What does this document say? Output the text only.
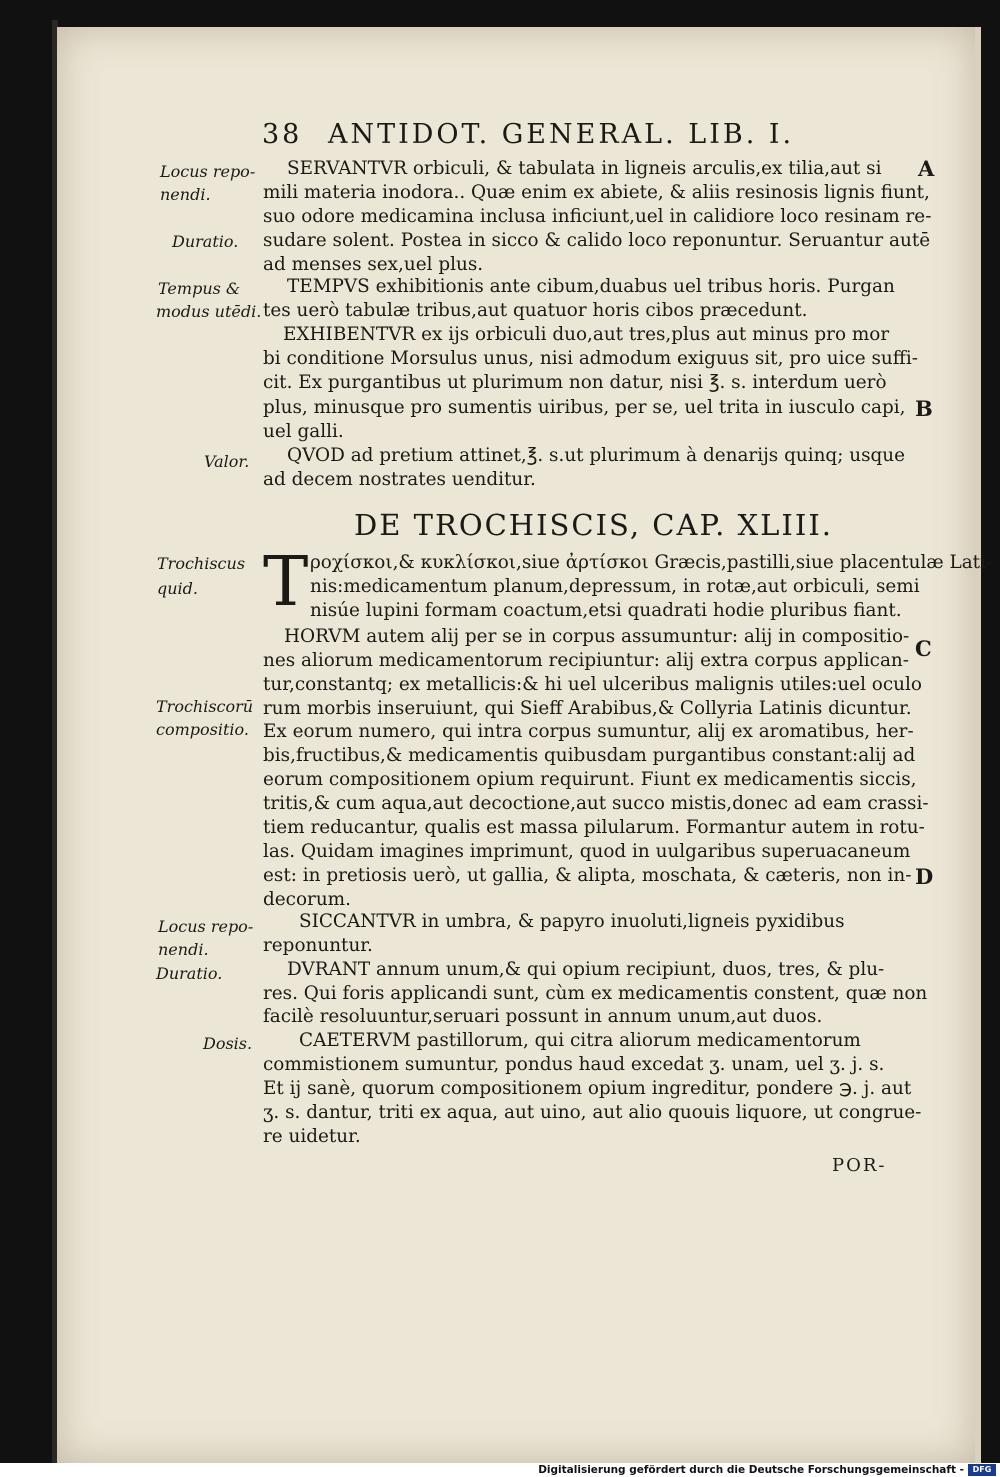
38 ANTIDOT. GENERAL. LIB. I.
Locus repo-
nendi.
Duratio.
Tempus &
modus utēdi.
Valor.
Trochiscus
quid.
Trochiscorū
compositio.
Locus repo-
nendi.
Duratio.
Dosis.
A
B
C
D
SERVANTVR orbiculi, & tabulata in ligneis arculis,ex tilia,aut si
mili materia inodora.. Quæ enim ex abiete, & aliis resinosis lignis fiunt,
suo odore medicamina inclusa inficiunt,uel in calidiore loco resinam re-
sudare solent. Postea in sicco & calido loco reponuntur. Seruantur autē
ad menses sex,uel plus.
TEMPVS exhibitionis ante cibum,duabus uel tribus horis. Purgan
tes uerò tabulæ tribus,aut quatuor horis cibos præcedunt.
EXHIBENTVR ex ijs orbiculi duo,aut tres,plus aut minus pro mor
bi conditione Morsulus unus, nisi admodum exiguus sit, pro uice suffi-
cit. Ex purgantibus ut plurimum non datur, nisi ℥. s. interdum uerò
plus, minusque pro sumentis uiribus, per se, uel trita in iusculo capi,
uel galli.
QVOD ad pretium attinet,℥. s.ut plurimum à denarijs quinq; usque
ad decem nostrates uenditur.
DE TROCHISCIS, CAP. XLIII.
T ροχίσκοι,& κυκλίσκοι,siue ἀρτίσκοι Græcis,pastilli,siue placentulæ Lati-
nis:medicamentum planum,depressum, in rotæ,aut orbiculi, semi
nisúe lupini formam coactum,etsi quadrati hodie pluribus fiant.
HORVM autem alij per se in corpus assumuntur: alij in compositio-
nes aliorum medicamentorum recipiuntur: alij extra corpus applican-
tur,constantq; ex metallicis:& hi uel ulceribus malignis utiles:uel oculo
rum morbis inseruiunt, qui Sieff Arabibus,& Collyria Latinis dicuntur.
Ex eorum numero, qui intra corpus sumuntur, alij ex aromatibus, her-
bis,fructibus,& medicamentis quibusdam purgantibus constant:alij ad
eorum compositionem opium requirunt. Fiunt ex medicamentis siccis,
tritis,& cum aqua,aut decoctione,aut succo mistis,donec ad eam crassi-
tiem reducantur, qualis est massa pilularum. Formantur autem in rotu-
las. Quidam imagines imprimunt, quod in uulgaribus superuacaneum
est: in pretiosis uerò, ut gallia, & alipta, moschata, & cæteris, non in-
decorum.
SICCANTVR in umbra, & papyro inuoluti,ligneis pyxidibus
reponuntur.
DVRANT annum unum,& qui opium recipiunt, duos, tres, & plu-
res. Qui foris applicandi sunt, cùm ex medicamentis constent, quæ non
facilè resoluuntur,seruari possunt in annum unum,aut duos.
CAETERVM pastillorum, qui citra aliorum medicamentorum
commistionem sumuntur, pondus haud excedat ʒ. unam, uel ʒ. j. s.
Et ij sanè, quorum compositionem opium ingreditur, pondere ℈. j. aut
ʒ. s. dantur, triti ex aqua, aut uino, aut alio quouis liquore, ut congrue-
re uidetur.
POR-
Digitalisierung gefördert durch die Deutsche Forschungsgemeinschaft -	DFG
